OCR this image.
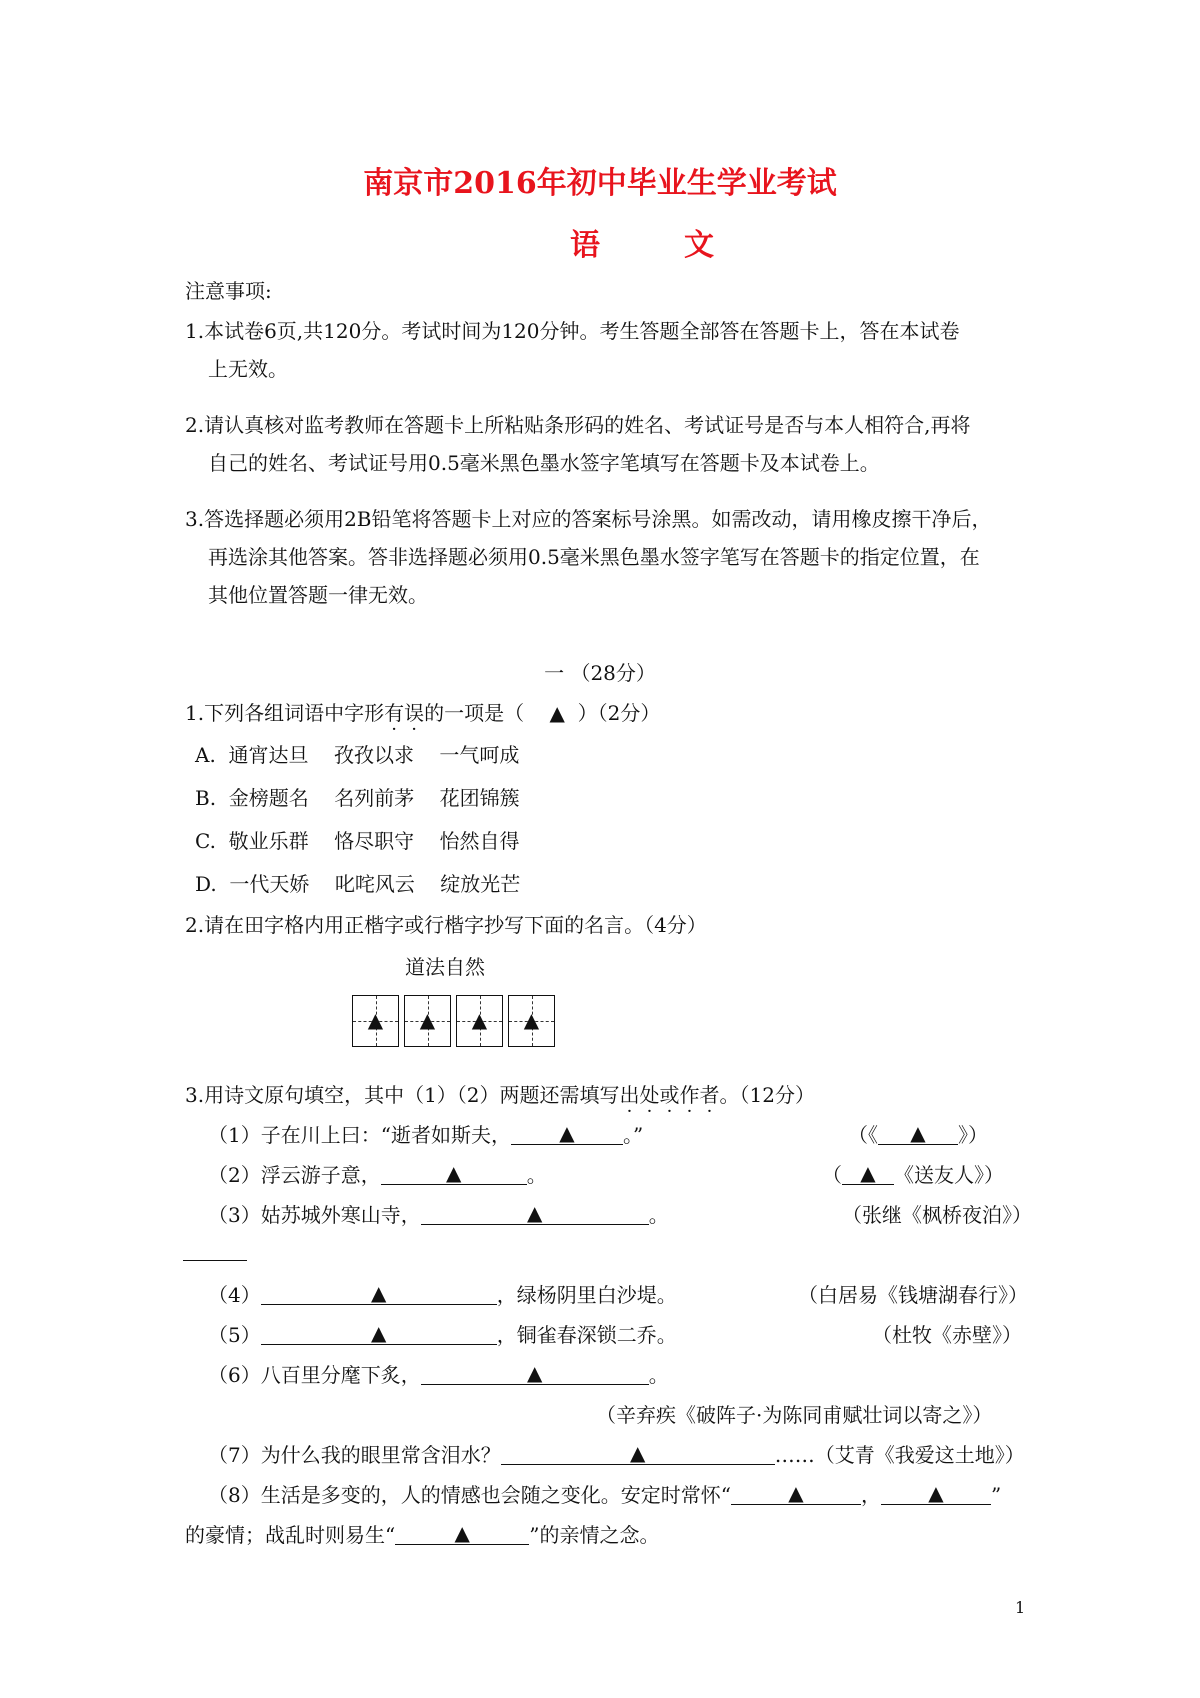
南京市2016年初中毕业生学业考试
语文
注意事项:
1.本试卷6页,共120分。考试时间为120分钟。考生答题全部答在答题卡上，答在本试卷
上无效。
2.请认真核对监考教师在答题卡上所粘贴条形码的姓名、考试证号是否与本人相符合,再将
自己的姓名、考试证号用0.5毫米黑色墨水签字笔填写在答题卡及本试卷上。
3.答选择题必须用2B铅笔将答题卡上对应的答案标号涂黑。如需改动，请用橡皮擦干净后，
再选涂其他答案。答非选择题必须用0.5毫米黑色墨水签字笔写在答题卡的指定位置，在
其他位置答题一律无效。
一 （28分）
1.下列各组词语中字形有误的一项是（    ▲  ）（2分）
A. 通宵达旦    孜孜以求    一气呵成
B. 金榜题名    名列前茅    花团锦簇
C. 敬业乐群    恪尽职守    怡然自得
D. 一代天娇    叱咤风云    绽放光芒
2.请在田字格内用正楷字或行楷字抄写下面的名言。（4分）
道法自然
▲ ▲ ▲ ▲
3.用诗文原句填空，其中（1）（2）两题还需填写出处或作者。（12分）
（1）子在川上曰：“逝者如斯夫， ▲ 。”	（《 ▲ 》）
（2）浮云游子意，	▲	。	（ ▲ 《送友人》）
（3）姑苏城外寒山寺，	▲	。	（张继《枫桥夜泊》）
（4）	▲	，绿杨阴里白沙堤。	（白居易《钱塘湖春行》）
（5）	▲	，铜雀春深锁二乔。	（杜牧《赤壁》）
（6）八百里分麾下炙，	▲	。
（辛弃疾《破阵子·为陈同甫赋壮词以寄之》）
（7）为什么我的眼里常含泪水？	▲	……（艾青《我爱这土地》）
（8）生活是多变的，人的情感也会随之变化。安定时常怀“	▲	， ▲ ”
的豪情；战乱时则易生“	▲	”的亲情之念。
1
